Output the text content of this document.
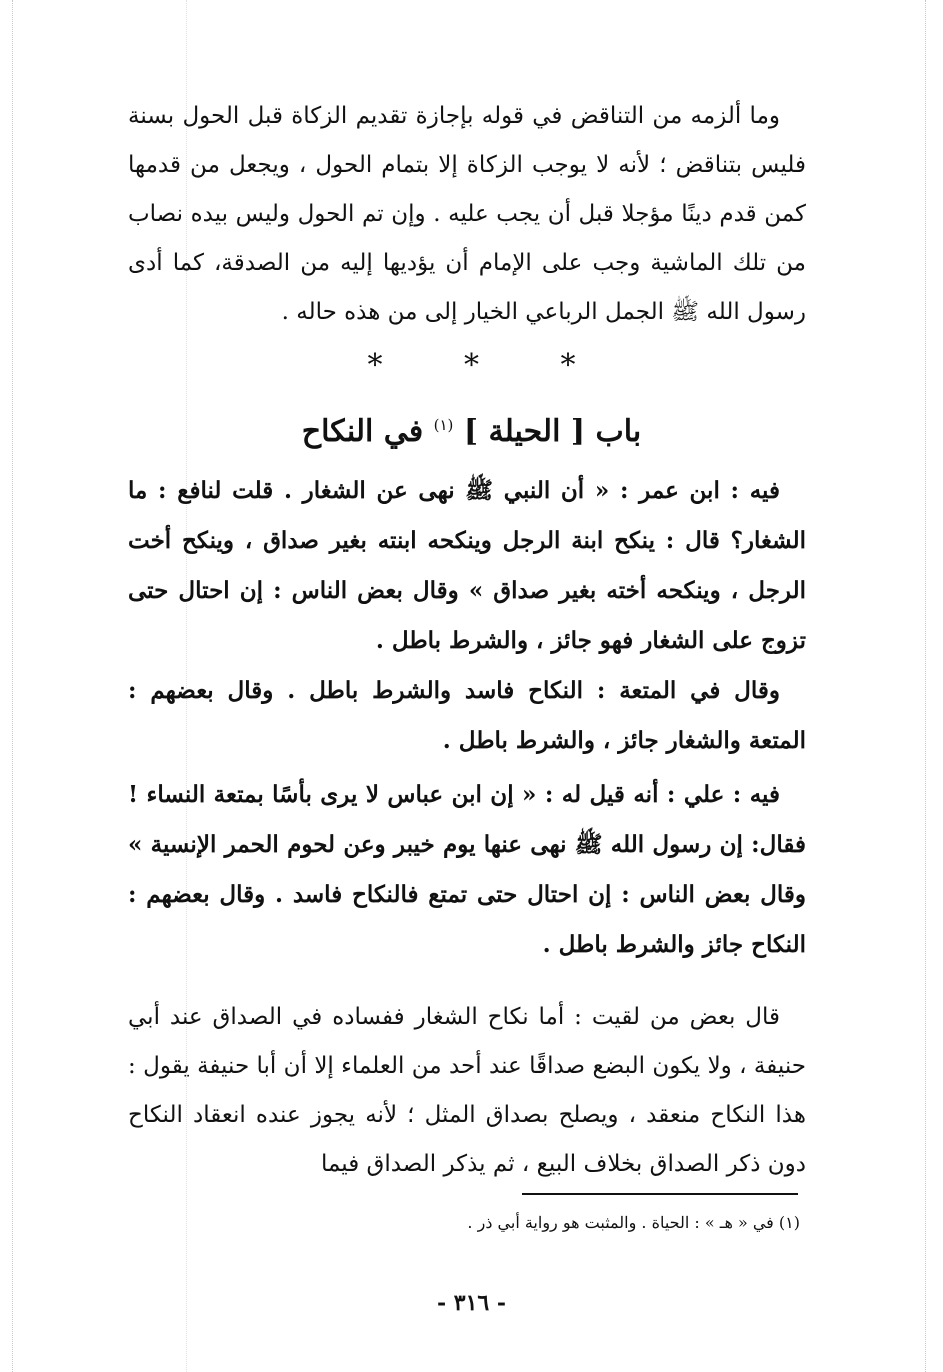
وما ألزمه من التناقض في قوله بإجازة تقديم الزكاة قبل الحول بسنة فليس بتناقض ؛ لأنه لا يوجب الزكاة إلا بتمام الحول ، ويجعل من قدمها كمن قدم دينًا مؤجلا قبل أن يجب عليه . وإن تم الحول وليس بيده نصاب من تلك الماشية وجب على الإمام أن يؤديها إليه من الصدقة، كما أدى رسول الله ﷺ الجمل الرباعي الخيار إلى من هذه حاله .

*	*	*
باب [ الحيلة ] $^{(١)}$ في النكاح

فيه : ابن عمر : « أن النبي ﷺ نهى عن الشغار . قلت لنافع : ما الشغار؟ قال : ينكح ابنة الرجل وينكحه ابنته بغير صداق ، وينكح أخت الرجل ، وينكحه أخته بغير صداق » وقال بعض الناس : إن احتال حتى تزوج على الشغار فهو جائز ، والشرط باطل .

وقال في المتعة : النكاح فاسد والشرط باطل . وقال بعضهم : المتعة والشغار جائز ، والشرط باطل .

فيه : علي : أنه قيل له : « إن ابن عباس لا يرى بأسًا بمتعة النساء ! فقال: إن رسول الله ﷺ نهى عنها يوم خيبر وعن لحوم الحمر الإنسية » وقال بعض الناس : إن احتال حتى تمتع فالنكاح فاسد . وقال بعضهم : النكاح جائز والشرط باطل .

قال بعض من لقيت : أما نكاح الشغار ففساده في الصداق عند أبي حنيفة ، ولا يكون البضع صداقًا عند أحد من العلماء إلا أن أبا حنيفة يقول : هذا النكاح منعقد ، ويصلح بصداق المثل ؛ لأنه يجوز عنده انعقاد النكاح دون ذكر الصداق بخلاف البيع ، ثم يذكر الصداق فيما

(١) في « هـ » : الحياة . والمثبت هو رواية أبي ذر .

- ٣١٦ -
